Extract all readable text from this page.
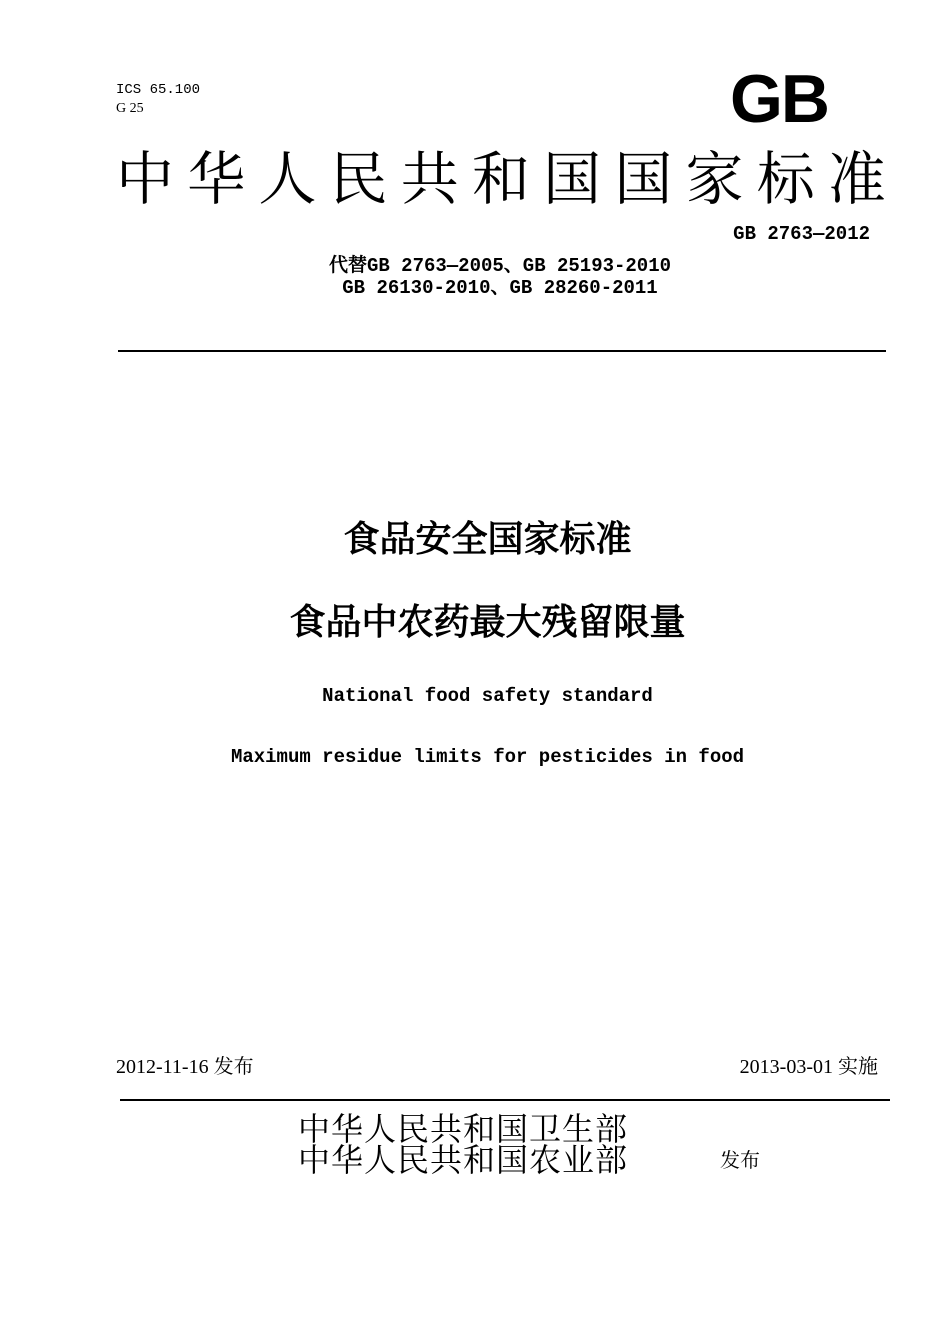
ICS 65.100
G 25	GB
中 华 人 民 共 和 国 国 家 标 准
GB 2763—2012
代替GB 2763—2005、GB 25193-2010
GB 26130-2010、GB 28260-2011
食品安全国家标准
食品中农药最大残留限量
National food safety standard
Maximum residue limits for pesticides in food
2012-11-16 发布	2013-03-01 实施
中华人民共和国卫生部
中华人民共和国农业部	发布
